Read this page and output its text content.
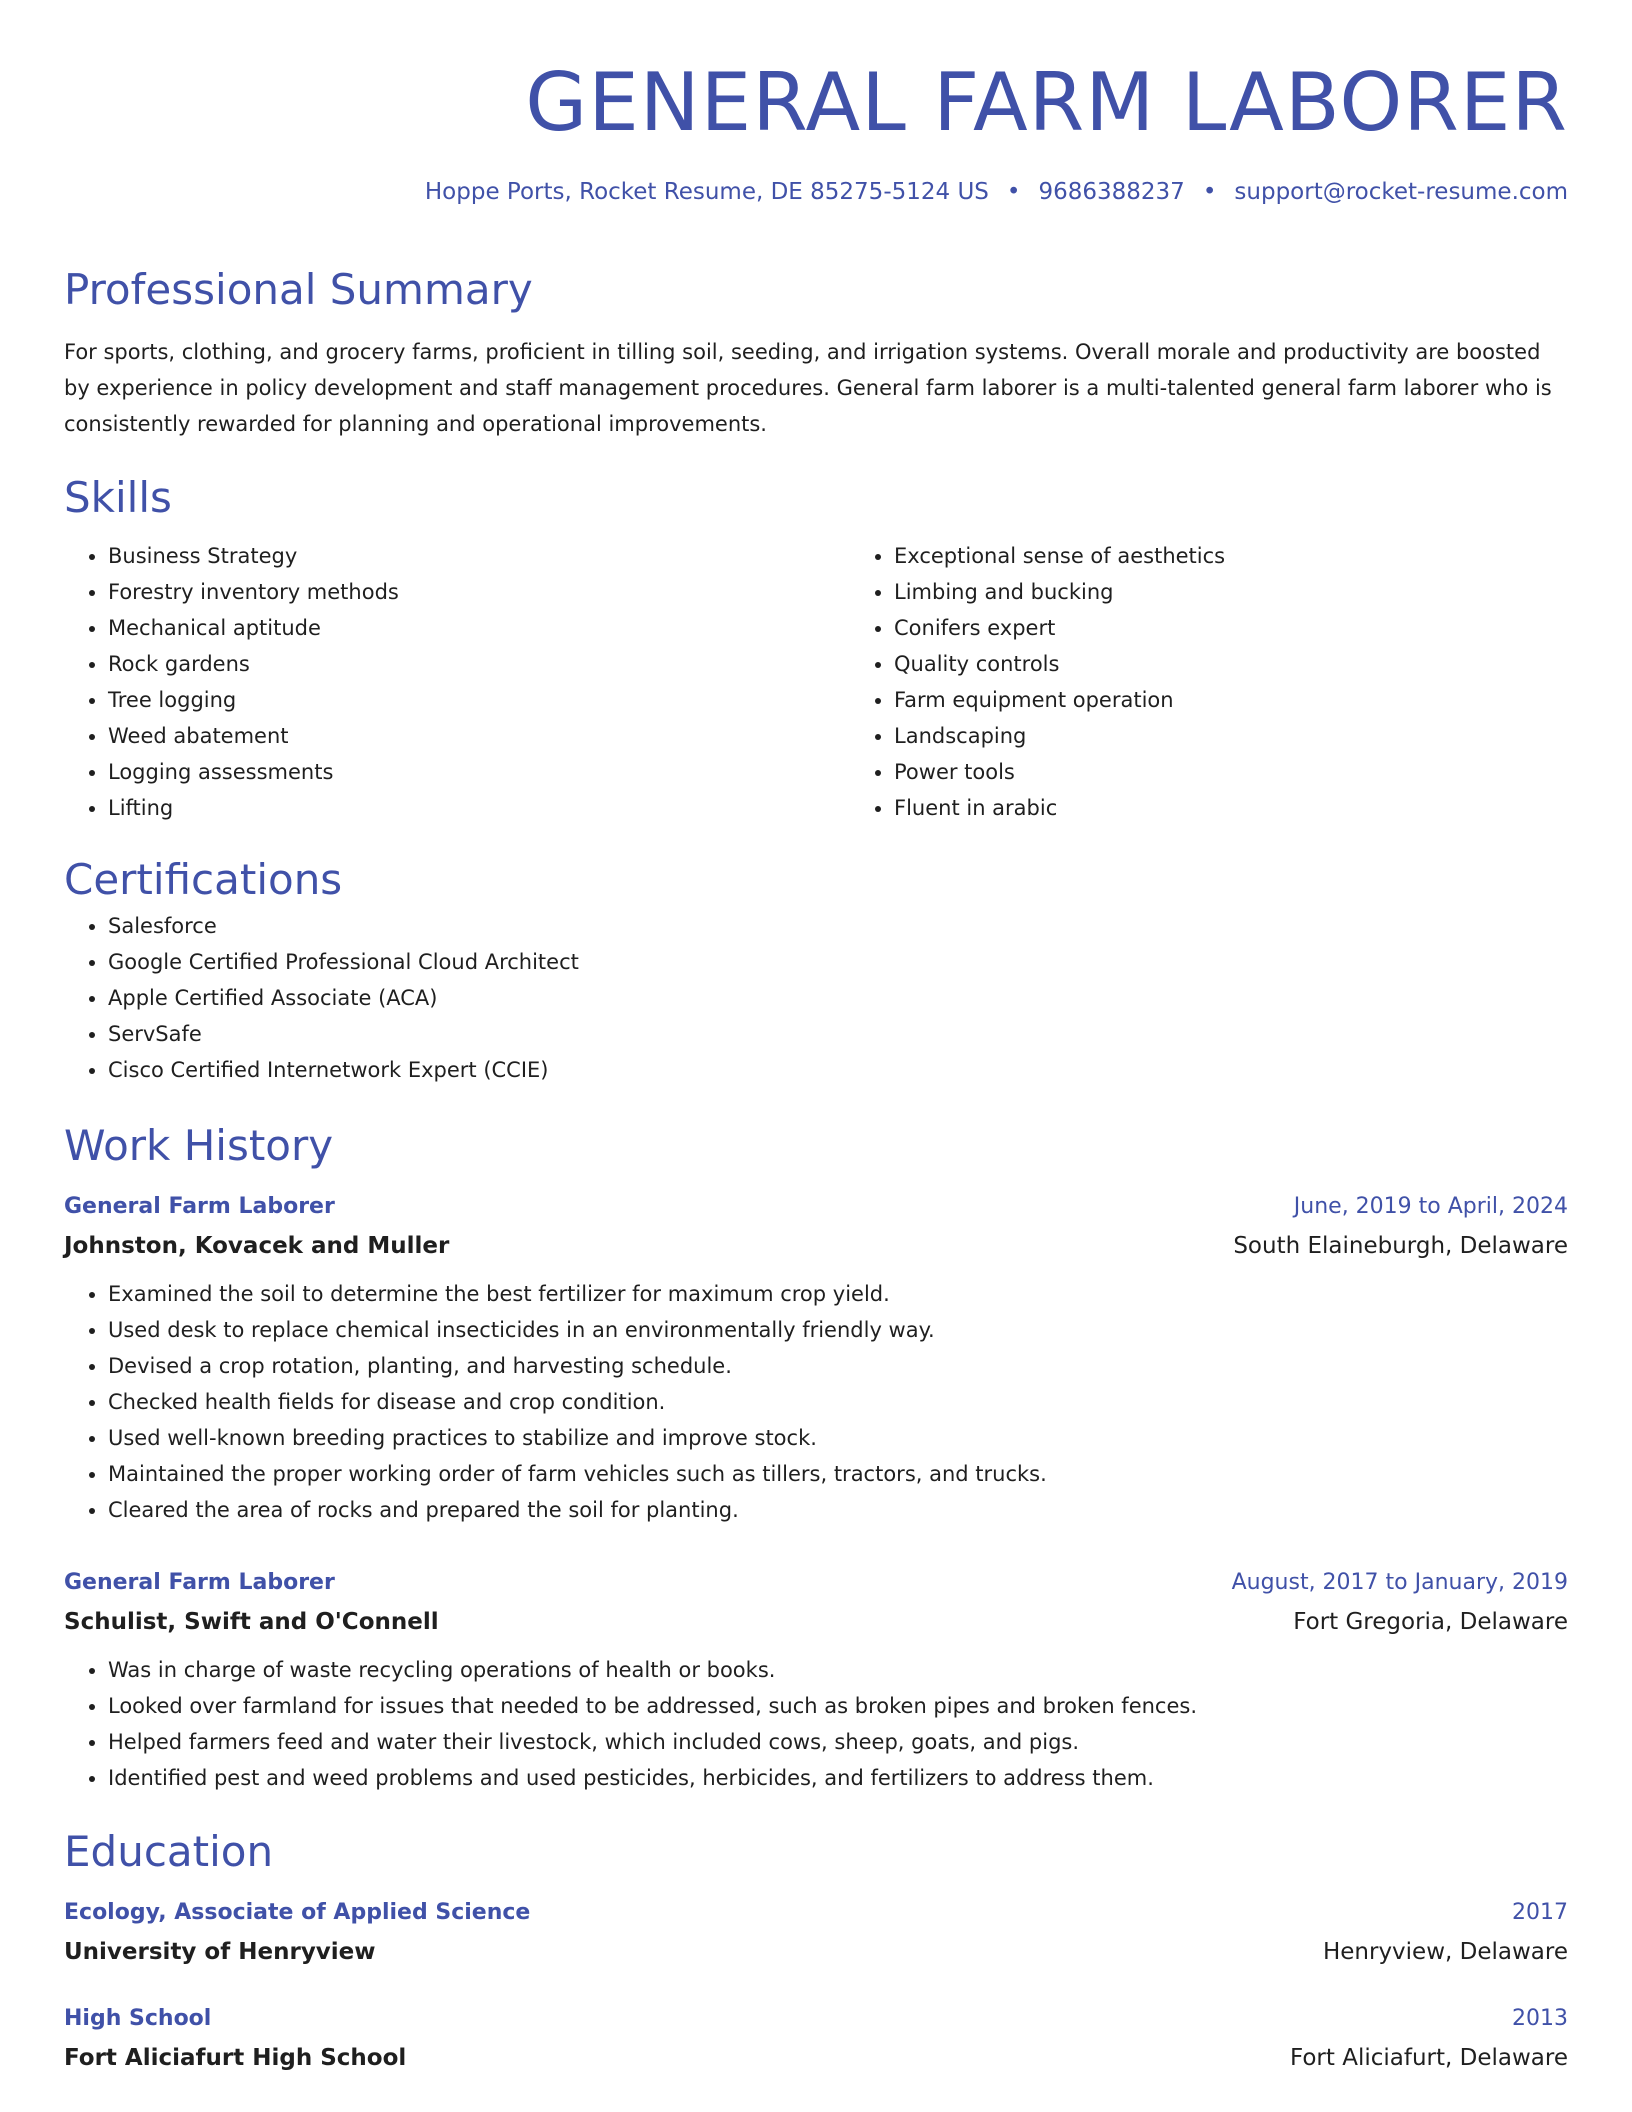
GENERAL FARM LABORER
Hoppe Ports, Rocket Resume, DE 85275-5124 US • 9686388237 • support@rocket-resume.com
Professional Summary
For sports, clothing, and grocery farms, proficient in tilling soil, seeding, and irrigation systems. Overall morale and productivity are boosted by experience in policy development and staff management procedures. General farm laborer is a multi-talented general farm laborer who is consistently rewarded for planning and operational improvements.
Skills
• Business Strategy
• Forestry inventory methods
• Mechanical aptitude
• Rock gardens
• Tree logging
• Weed abatement
• Logging assessments
• Lifting
• Exceptional sense of aesthetics
• Limbing and bucking
• Conifers expert
• Quality controls
• Farm equipment operation
• Landscaping
• Power tools
• Fluent in arabic
Certifications
• Salesforce
• Google Certified Professional Cloud Architect
• Apple Certified Associate (ACA)
• ServSafe
• Cisco Certified Internetwork Expert (CCIE)
Work History
General Farm Laborer	June, 2019 to April, 2024
Johnston, Kovacek and Muller	South Elaineburgh, Delaware
• Examined the soil to determine the best fertilizer for maximum crop yield.
• Used desk to replace chemical insecticides in an environmentally friendly way.
• Devised a crop rotation, planting, and harvesting schedule.
• Checked health fields for disease and crop condition.
• Used well-known breeding practices to stabilize and improve stock.
• Maintained the proper working order of farm vehicles such as tillers, tractors, and trucks.
• Cleared the area of rocks and prepared the soil for planting.
General Farm Laborer	August, 2017 to January, 2019
Schulist, Swift and O'Connell	Fort Gregoria, Delaware
• Was in charge of waste recycling operations of health or books.
• Looked over farmland for issues that needed to be addressed, such as broken pipes and broken fences.
• Helped farmers feed and water their livestock, which included cows, sheep, goats, and pigs.
• Identified pest and weed problems and used pesticides, herbicides, and fertilizers to address them.
Education
Ecology, Associate of Applied Science	2017
University of Henryview	Henryview, Delaware
High School	2013
Fort Aliciafurt High School	Fort Aliciafurt, Delaware
